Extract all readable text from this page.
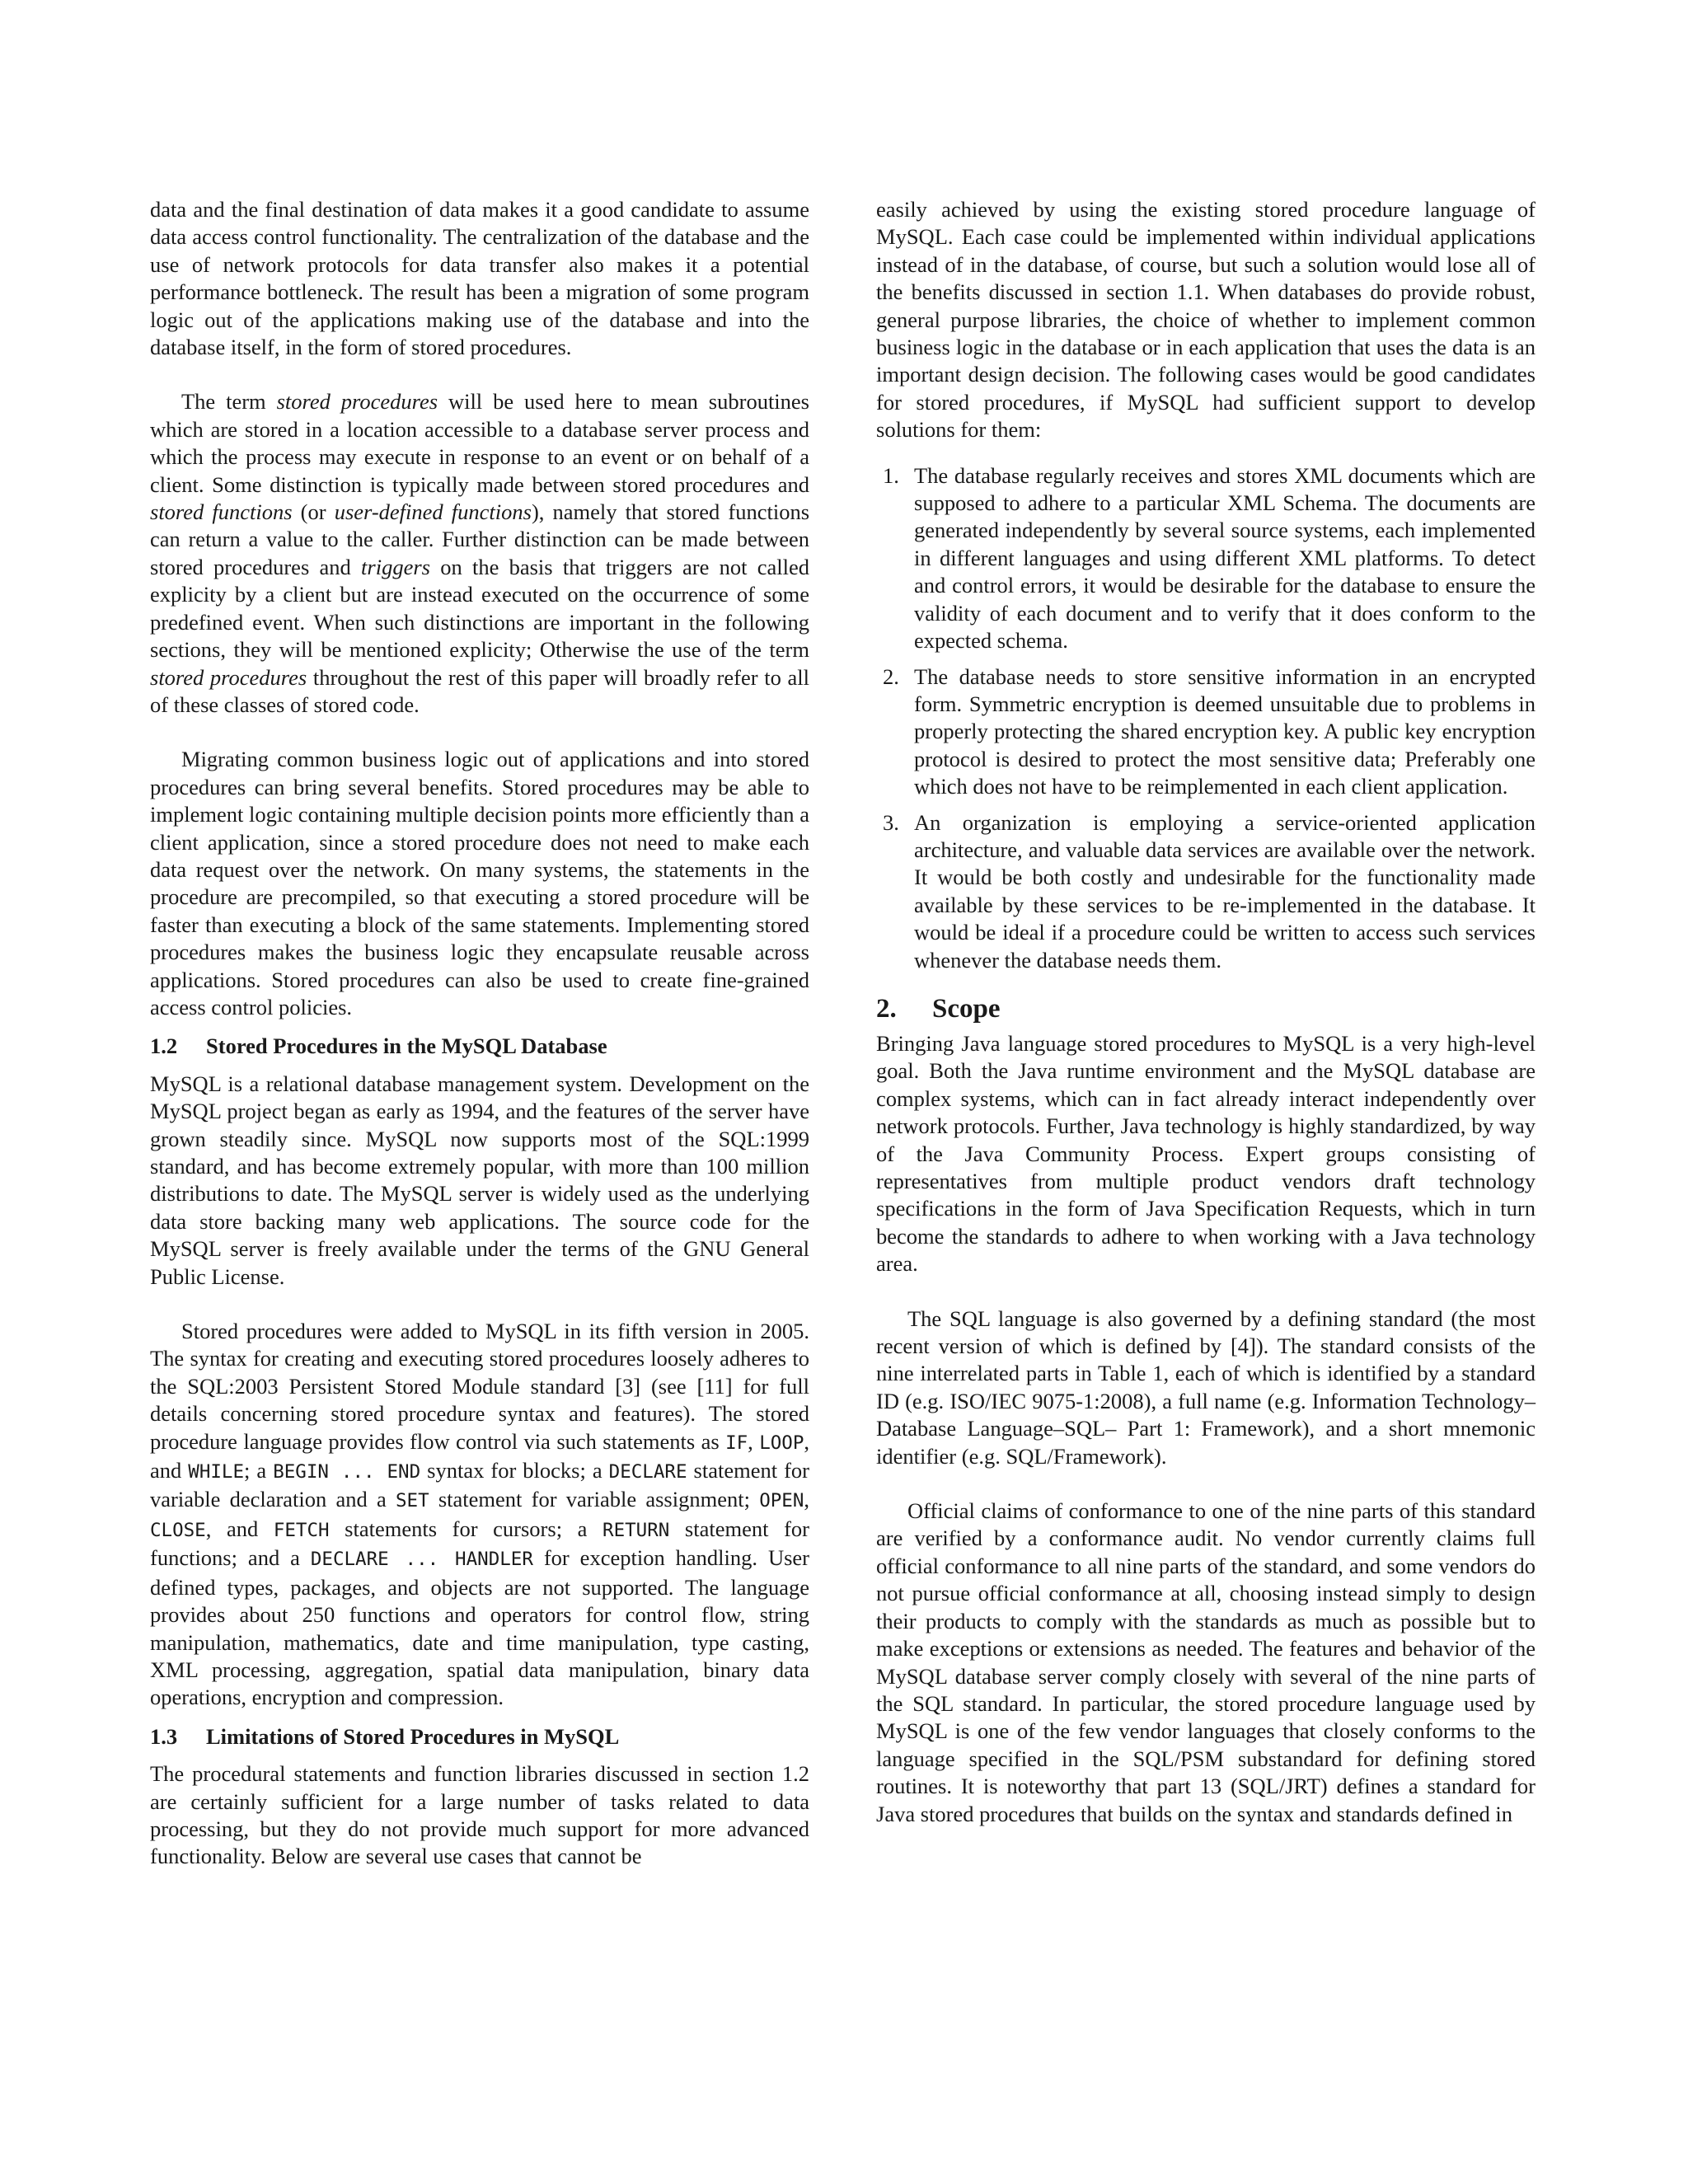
data and the final destination of data makes it a good candidate to assume data access control functionality. The centralization of the database and the use of network protocols for data transfer also makes it a potential performance bottleneck. The result has been a migration of some program logic out of the applications making use of the database and into the database itself, in the form of stored procedures.

The term stored procedures will be used here to mean subroutines which are stored in a location accessible to a database server process and which the process may execute in response to an event or on behalf of a client. Some distinction is typically made between stored procedures and stored functions (or user-defined functions), namely that stored functions can return a value to the caller. Further distinction can be made between stored procedures and triggers on the basis that triggers are not called explicity by a client but are instead executed on the occurrence of some predefined event. When such distinctions are important in the following sections, they will be mentioned explicity; Otherwise the use of the term stored procedures throughout the rest of this paper will broadly refer to all of these classes of stored code.

Migrating common business logic out of applications and into stored procedures can bring several benefits. Stored procedures may be able to implement logic containing multiple decision points more efficiently than a client application, since a stored procedure does not need to make each data request over the network. On many systems, the statements in the procedure are precompiled, so that executing a stored procedure will be faster than executing a block of the same statements. Implementing stored procedures makes the business logic they encapsulate reusable across applications. Stored procedures can also be used to create fine-grained access control policies.

1.2 Stored Procedures in the MySQL Database

MySQL is a relational database management system. Development on the MySQL project began as early as 1994, and the features of the server have grown steadily since. MySQL now supports most of the SQL:1999 standard, and has become extremely popular, with more than 100 million distributions to date. The MySQL server is widely used as the underlying data store backing many web applications. The source code for the MySQL server is freely available under the terms of the GNU General Public License.

Stored procedures were added to MySQL in its fifth version in 2005. The syntax for creating and executing stored procedures loosely adheres to the SQL:2003 Persistent Stored Module standard [3] (see [11] for full details concerning stored procedure syntax and features). The stored procedure language provides flow control via such statements as IF, LOOP, and WHILE; a BEGIN ... END syntax for blocks; a DECLARE statement for variable declaration and a SET statement for variable assignment; OPEN, CLOSE, and FETCH statements for cursors; a RETURN statement for functions; and a DECLARE ... HANDLER for exception handling. User defined types, packages, and objects are not supported. The language provides about 250 functions and operators for control flow, string manipulation, mathematics, date and time manipulation, type casting, XML processing, aggregation, spatial data manipulation, binary data operations, encryption and compression.

1.3 Limitations of Stored Procedures in MySQL

The procedural statements and function libraries discussed in section 1.2 are certainly sufficient for a large number of tasks related to data processing, but they do not provide much support for more advanced functionality. Below are several use cases that cannot be

easily achieved by using the existing stored procedure language of MySQL. Each case could be implemented within individual applications instead of in the database, of course, but such a solution would lose all of the benefits discussed in section 1.1. When databases do provide robust, general purpose libraries, the choice of whether to implement common business logic in the database or in each application that uses the data is an important design decision. The following cases would be good candidates for stored procedures, if MySQL had sufficient support to develop solutions for them:

1. The database regularly receives and stores XML documents which are supposed to adhere to a particular XML Schema. The documents are generated independently by several source systems, each implemented in different languages and using different XML platforms. To detect and control errors, it would be desirable for the database to ensure the validity of each document and to verify that it does conform to the expected schema.
2. The database needs to store sensitive information in an encrypted form. Symmetric encryption is deemed unsuitable due to problems in properly protecting the shared encryption key. A public key encryption protocol is desired to protect the most sensitive data; Preferably one which does not have to be reimplemented in each client application.
3. An organization is employing a service-oriented application architecture, and valuable data services are available over the network. It would be both costly and undesirable for the functionality made available by these services to be re-implemented in the database. It would be ideal if a procedure could be written to access such services whenever the database needs them.
2. Scope

Bringing Java language stored procedures to MySQL is a very high-level goal. Both the Java runtime environment and the MySQL database are complex systems, which can in fact already interact independently over network protocols. Further, Java technology is highly standardized, by way of the Java Community Process. Expert groups consisting of representatives from multiple product vendors draft technology specifications in the form of Java Specification Requests, which in turn become the standards to adhere to when working with a Java technology area.

The SQL language is also governed by a defining standard (the most recent version of which is defined by [4]). The standard consists of the nine interrelated parts in Table 1, each of which is identified by a standard ID (e.g. ISO/IEC 9075-1:2008), a full name (e.g. Information Technology–Database Language–SQL– Part 1: Framework), and a short mnemonic identifier (e.g. SQL/Framework).

Official claims of conformance to one of the nine parts of this standard are verified by a conformance audit. No vendor currently claims full official conformance to all nine parts of the standard, and some vendors do not pursue official conformance at all, choosing instead simply to design their products to comply with the standards as much as possible but to make exceptions or extensions as needed. The features and behavior of the MySQL database server comply closely with several of the nine parts of the SQL standard. In particular, the stored procedure language used by MySQL is one of the few vendor languages that closely conforms to the language specified in the SQL/PSM substandard for defining stored routines. It is noteworthy that part 13 (SQL/JRT) defines a standard for Java stored procedures that builds on the syntax and standards defined in
